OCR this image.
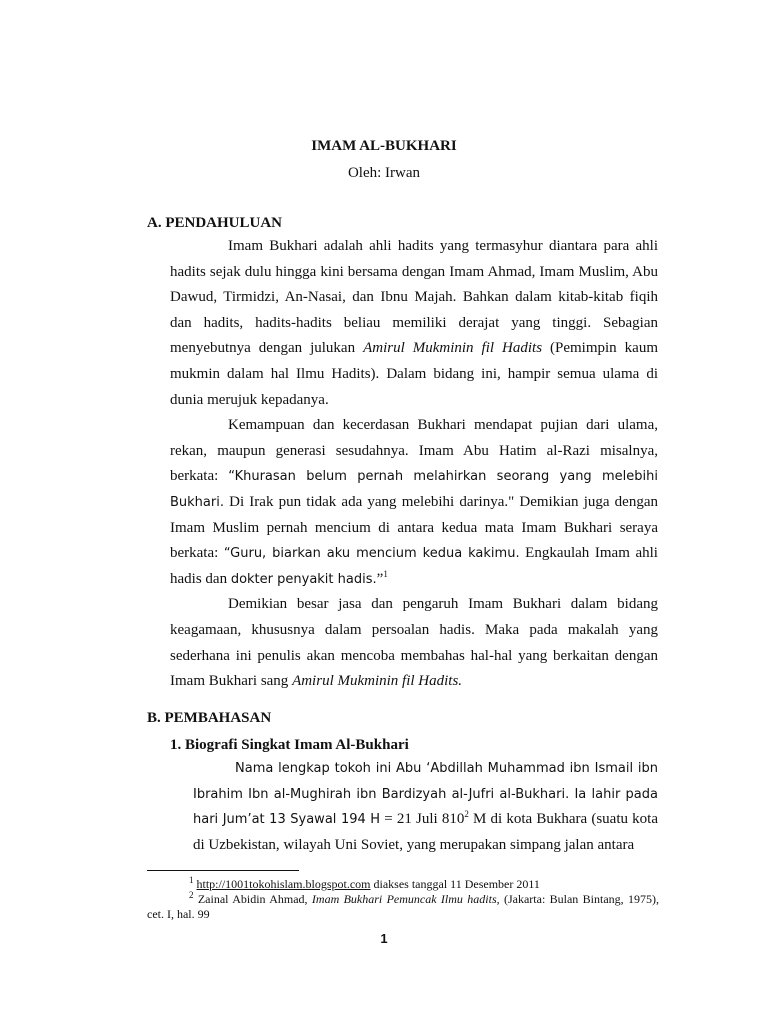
IMAM AL-BUKHARI
Oleh: Irwan
A. PENDAHULUAN

Imam Bukhari adalah ahli hadits yang termasyhur diantara para ahli hadits sejak dulu hingga kini bersama dengan Imam Ahmad, Imam Muslim, Abu Dawud, Tirmidzi, An-Nasai, dan Ibnu Majah. Bahkan dalam kitab-kitab fiqih dan hadits, hadits-hadits beliau memiliki derajat yang tinggi. Sebagian menyebutnya dengan julukan Amirul Mukminin fil Hadits (Pemimpin kaum mukmin dalam hal Ilmu Hadits). Dalam bidang ini, hampir semua ulama di dunia merujuk kepadanya.

Kemampuan dan kecerdasan Bukhari mendapat pujian dari ulama, rekan, maupun generasi sesudahnya. Imam Abu Hatim al-Razi misalnya, berkata: “Khurasan belum pernah melahirkan seorang yang melebihi Bukhari. Di Irak pun tidak ada yang melebihi darinya." Demikian juga dengan Imam Muslim pernah mencium di antara kedua mata Imam Bukhari seraya berkata: “Guru, biarkan aku mencium kedua kakimu. Engkaulah Imam ahli hadis dan dokter penyakit hadis.”$^1$

Demikian besar jasa dan pengaruh Imam Bukhari dalam bidang keagamaan, khususnya dalam persoalan hadis. Maka pada makalah yang sederhana ini penulis akan mencoba membahas hal-hal yang berkaitan dengan Imam Bukhari sang Amirul Mukminin fil Hadits.

B. PEMBAHASAN
1. Biografi Singkat Imam Al-Bukhari

Nama lengkap tokoh ini Abu ‘Abdillah Muhammad ibn Ismail ibn Ibrahim Ibn al-Mughirah ibn Bardizyah al-Jufri al-Bukhari. Ia lahir pada hari Jum’at 13 Syawal 194 H = 21 Juli $810^2$ M di kota Bukhara (suatu kota di Uzbekistan, wilayah Uni Soviet, yang merupakan simpang jalan antara

$^1$ http://1001tokohislam.blogspot.com diakses tanggal 11 Desember 2011

$^2$ Zainal Abidin Ahmad, Imam Bukhari Pemuncak Ilmu hadits, (Jakarta: Bulan Bintang, 1975), cet. I, hal. 99

1
